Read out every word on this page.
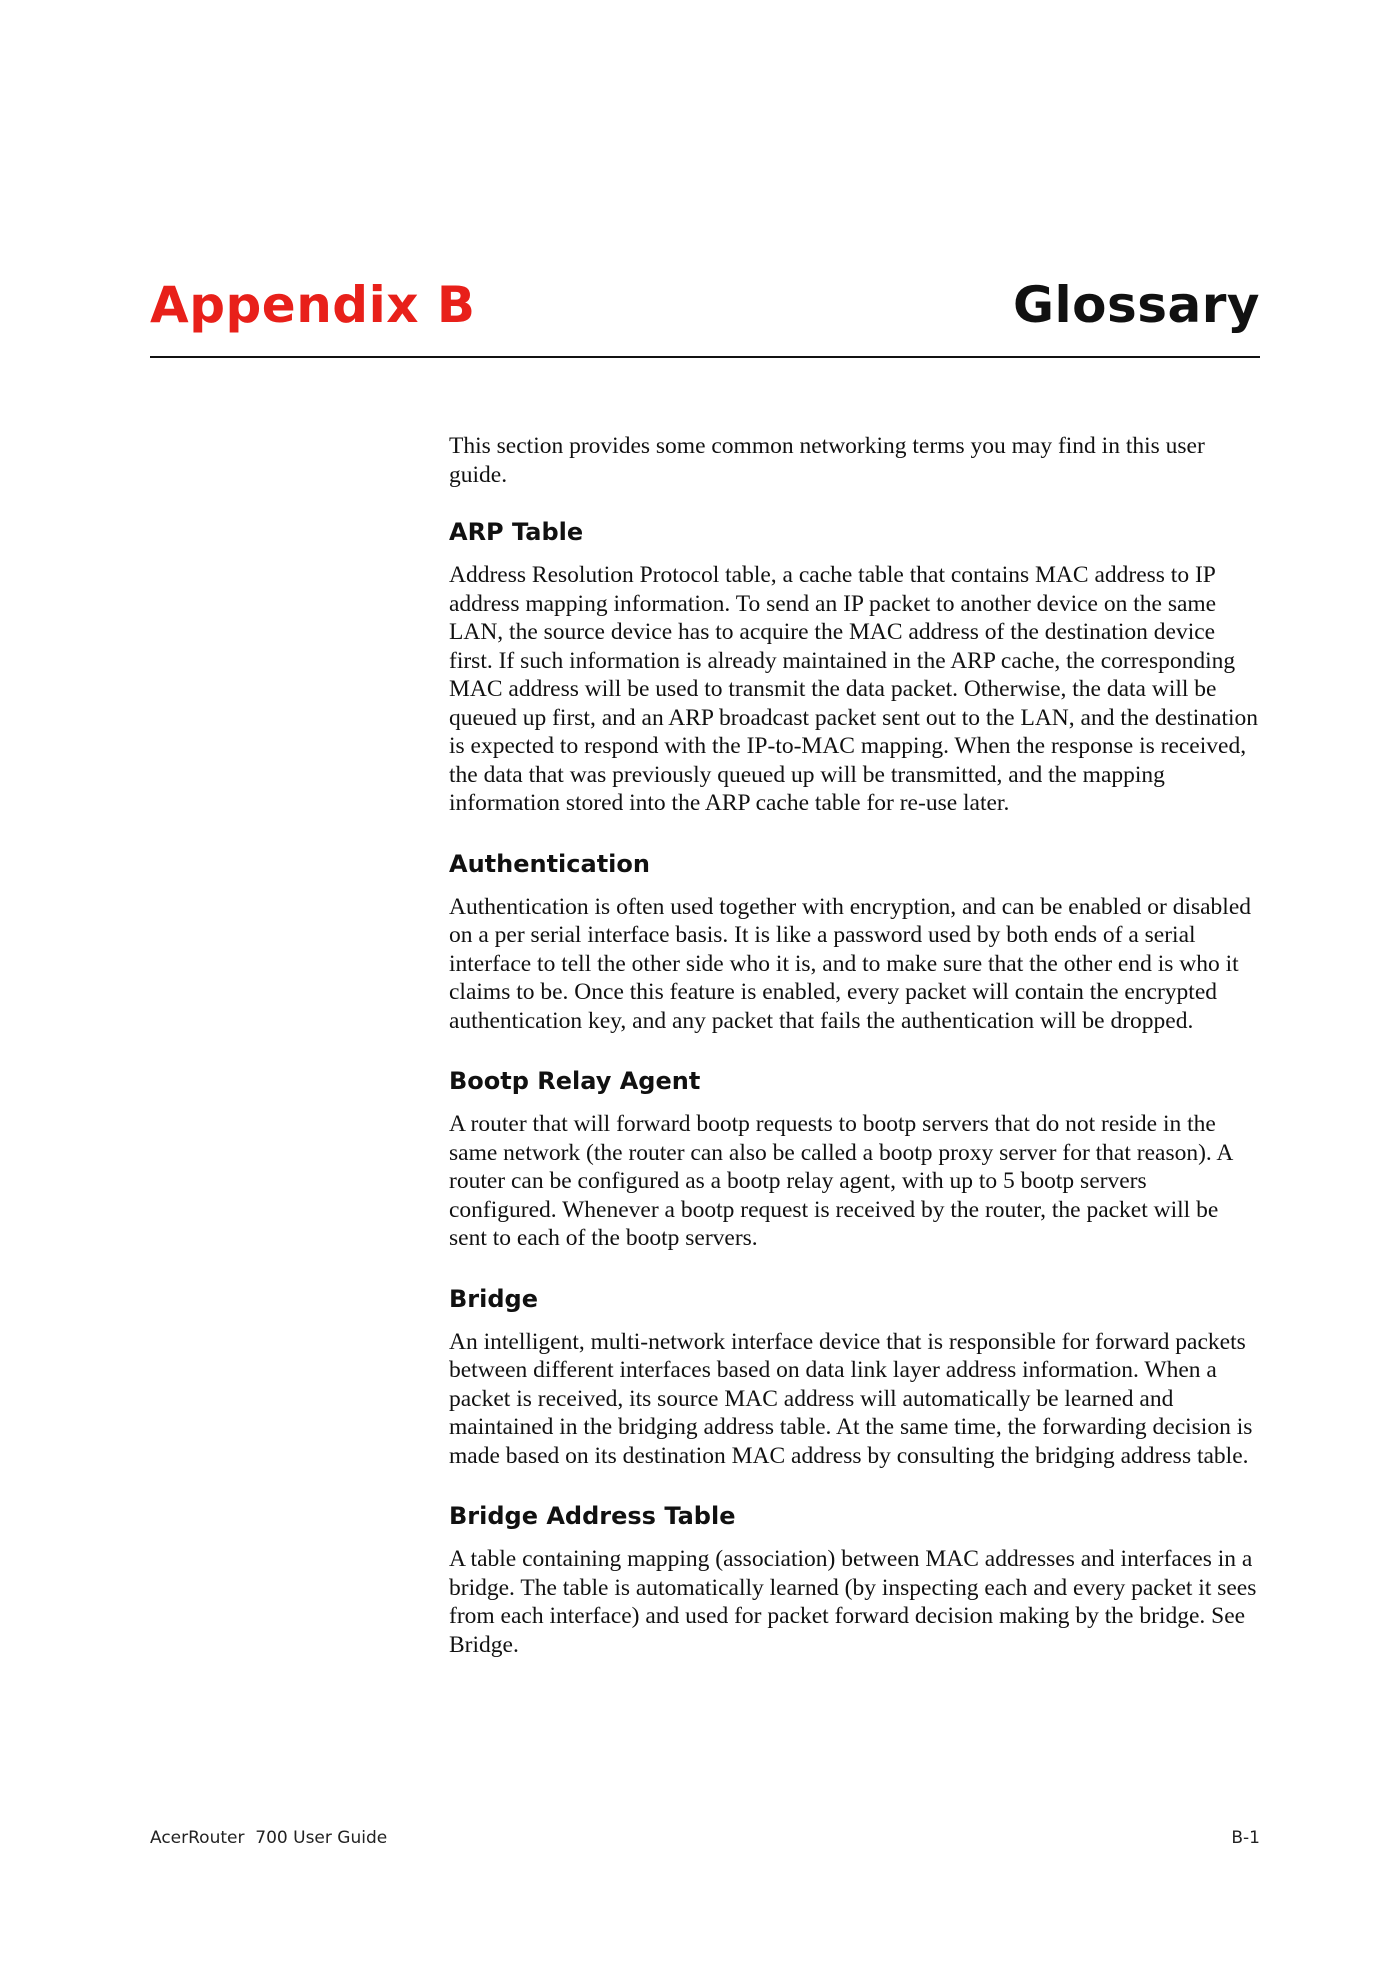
Appendix B	Glossary

This section provides some common networking terms you may find in this user guide.

ARP Table

Address Resolution Protocol table, a cache table that contains MAC address to IP address mapping information. To send an IP packet to another device on the same LAN, the source device has to acquire the MAC address of the destination device first. If such information is already maintained in the ARP cache, the corresponding MAC address will be used to transmit the data packet. Otherwise, the data will be queued up first, and an ARP broadcast packet sent out to the LAN, and the destination is expected to respond with the IP-to-MAC mapping. When the response is received, the data that was previously queued up will be transmitted, and the mapping information stored into the ARP cache table for re-use later.

Authentication

Authentication is often used together with encryption, and can be enabled or disabled on a per serial interface basis. It is like a password used by both ends of a serial interface to tell the other side who it is, and to make sure that the other end is who it claims to be. Once this feature is enabled, every packet will contain the encrypted authentication key, and any packet that fails the authentication will be dropped.

Bootp Relay Agent

A router that will forward bootp requests to bootp servers that do not reside in the same network (the router can also be called a bootp proxy server for that reason). A router can be configured as a bootp relay agent, with up to 5 bootp servers configured. Whenever a bootp request is received by the router, the packet will be sent to each of the bootp servers.

Bridge

An intelligent, multi-network interface device that is responsible for forward packets between different interfaces based on data link layer address information. When a packet is received, its source MAC address will automatically be learned and maintained in the bridging address table. At the same time, the forwarding decision is made based on its destination MAC address by consulting the bridging address table.

Bridge Address Table

A table containing mapping (association) between MAC addresses and interfaces in a bridge. The table is automatically learned (by inspecting each and every packet it sees from each interface) and used for packet forward decision making by the bridge. See Bridge.

AcerRouter  700 User Guide	B-1
